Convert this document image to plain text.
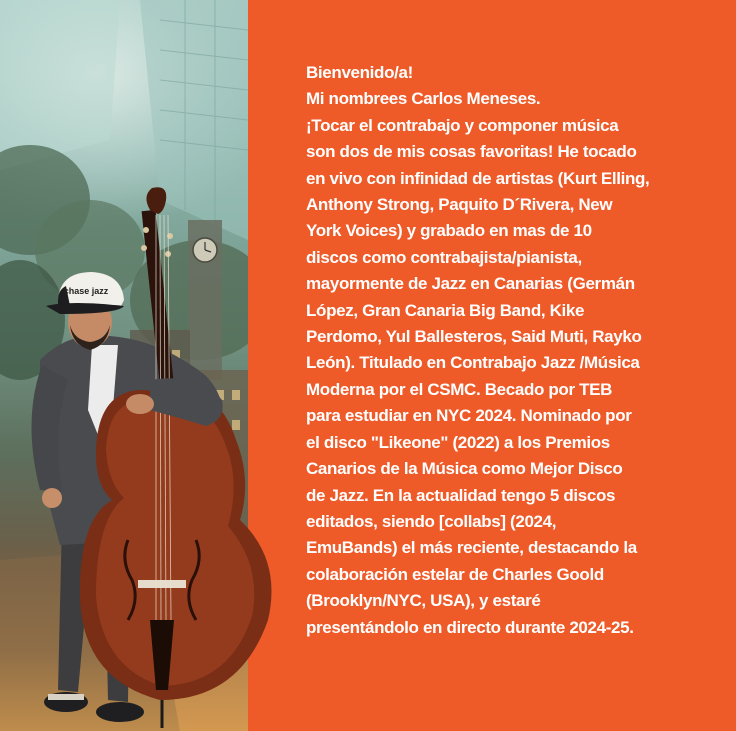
chase jazz
Bienvenido/a!
Mi nombrees Carlos Meneses.
¡Tocar el contrabajo y componer música
son dos de mis cosas favoritas! He tocado
en vivo con infinidad de artistas (Kurt Elling,
Anthony Strong, Paquito D´Rivera, New
York Voices) y grabado en mas de 10
discos como contrabajista/pianista,
mayormente de Jazz en Canarias (Germán
López, Gran Canaria Big Band, Kike
Perdomo, Yul Ballesteros, Said Muti, Rayko
León). Titulado en Contrabajo Jazz /Música
Moderna por el CSMC. Becado por TEB
para estudiar en NYC 2024. Nominado por
el disco "Likeone" (2022) a los Premios
Canarios de la Música como Mejor Disco
de Jazz. En la actualidad tengo 5 discos
editados, siendo [collabs] (2024,
EmuBands) el más reciente, destacando la
colaboración estelar de Charles Goold
(Brooklyn/NYC, USA), y estaré
presentándolo en directo durante 2024-25.
